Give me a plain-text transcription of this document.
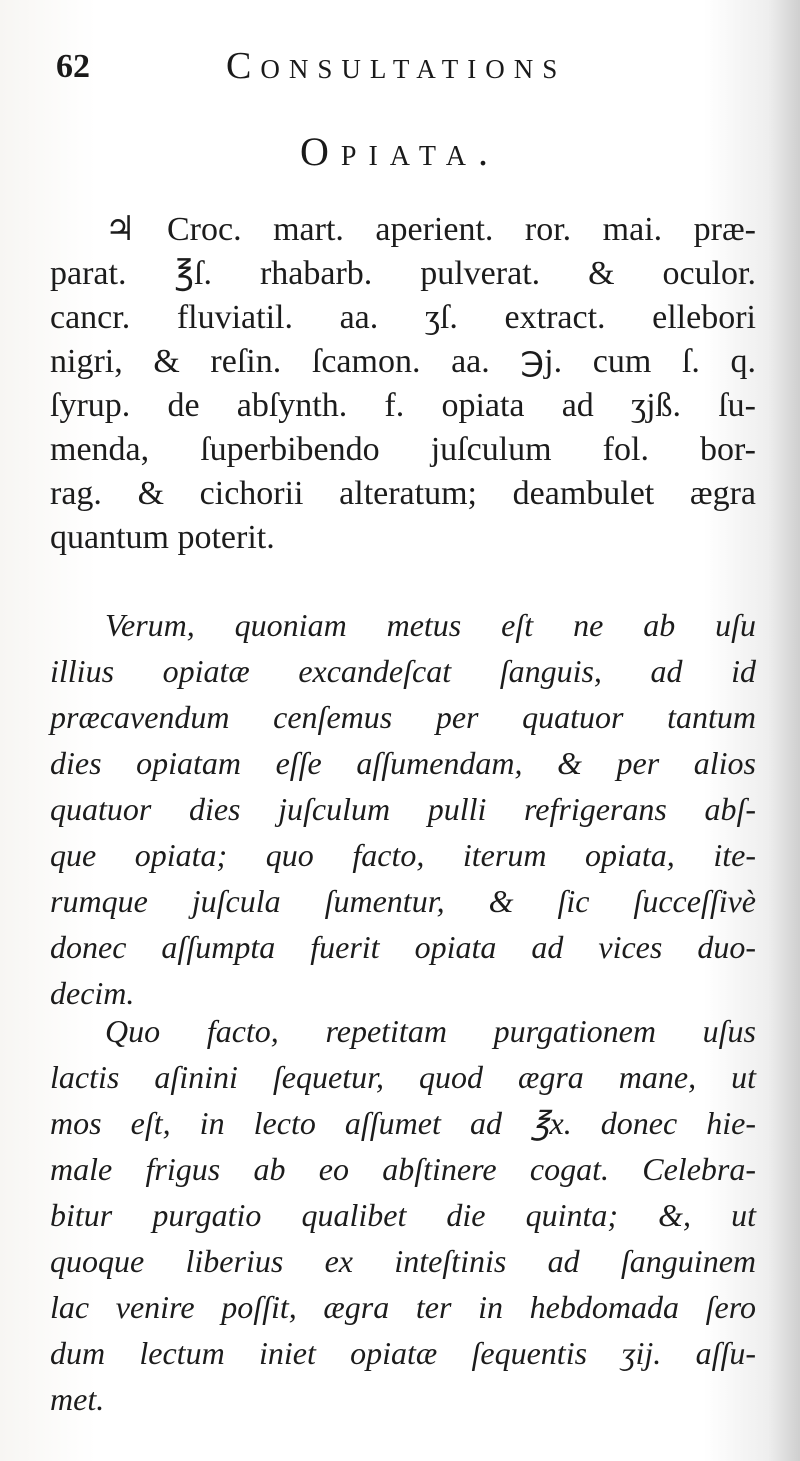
62	Consultations
Opiata.
♃ Croc. mart. aperient. ror. mai. præ-
parat. ℥ſ. rhabarb. pulverat. & oculor.
cancr. fluviatil. aa. ʒſ. extract. ellebori
nigri, & reſin. ſcamon. aa. ℈j. cum ſ. q.
ſyrup. de abſynth. f. opiata ad ʒjß. ſu-
menda, ſuperbibendo juſculum fol. bor-
rag. & cichorii alteratum; deambulet ægra
quantum poterit.
Verum, quoniam metus eſt ne ab uſu
illius opiatæ excandeſcat ſanguis, ad id
præcavendum cenſemus per quatuor tantum
dies opiatam eſſe aſſumendam, & per alios
quatuor dies juſculum pulli refrigerans abſ-
que opiata; quo facto, iterum opiata, ite-
rumque juſcula ſumentur, & ſic ſucceſſivè
donec aſſumpta fuerit opiata ad vices duo-
decim.
Quo facto, repetitam purgationem uſus
lactis aſinini ſequetur, quod ægra mane, ut
mos eſt, in lecto aſſumet ad ℥x. donec hie-
male frigus ab eo abſtinere cogat. Celebra-
bitur purgatio qualibet die quinta; &, ut
quoque liberius ex inteſtinis ad ſanguinem
lac venire poſſit, ægra ter in hebdomada ſero
dum lectum iniet opiatæ ſequentis ʒij. aſſu-
met.
